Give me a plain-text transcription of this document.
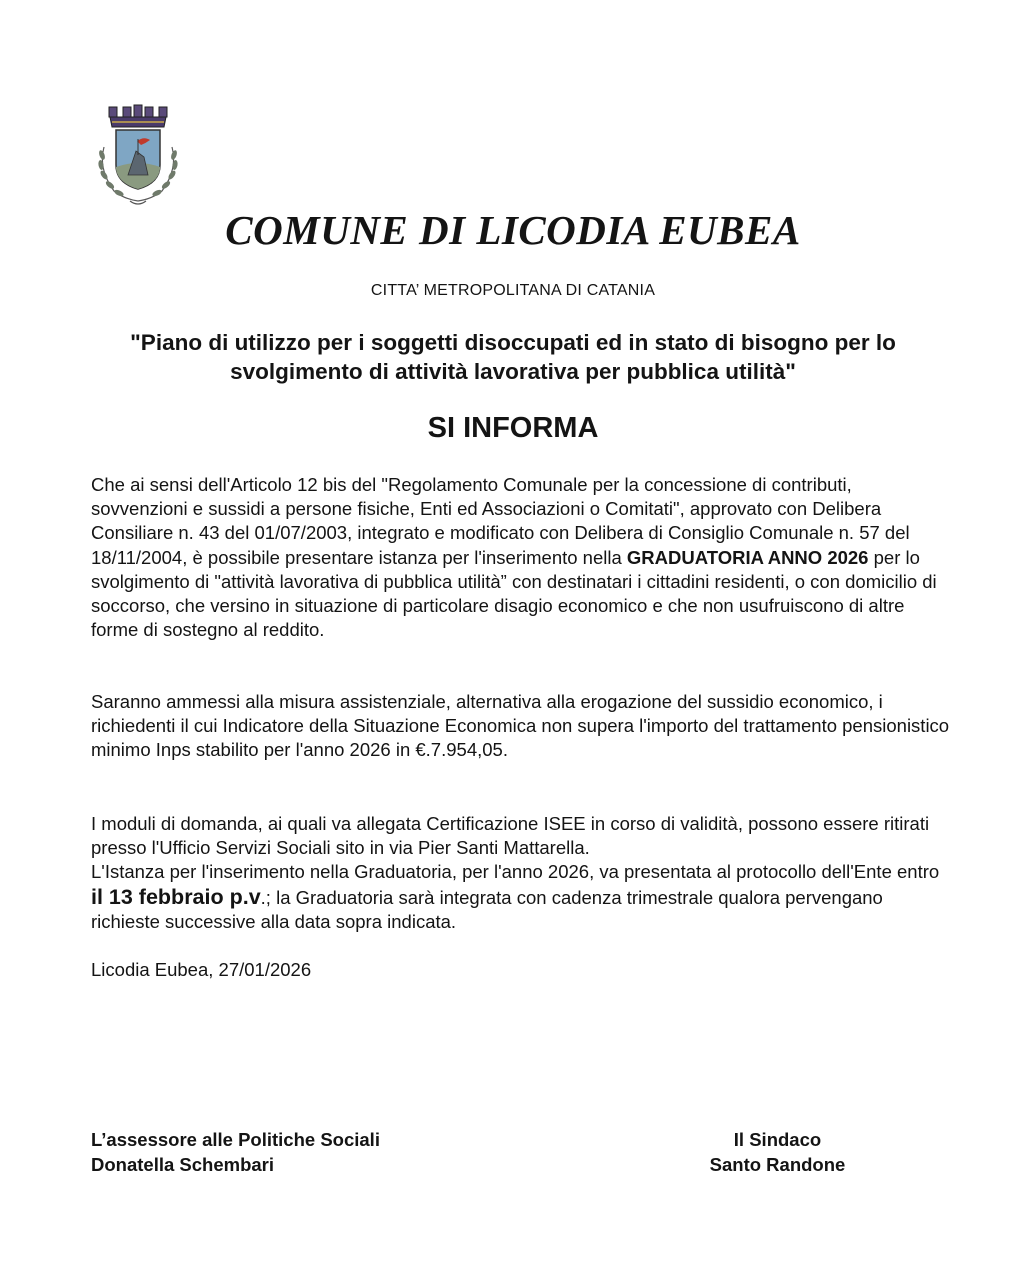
COMUNE DI LICODIA EUBEA

CITTA’ METROPOLITANA DI CATANIA

"Piano di utilizzo per i soggetti disoccupati ed in stato di bisogno per lo
svolgimento di attività lavorativa per pubblica utilità"

SI INFORMA

Che ai sensi dell'Articolo 12 bis del "Regolamento Comunale per la concessione di contributi, sovvenzioni e sussidi a persone fisiche, Enti ed Associazioni o Comitati", approvato con Delibera Consiliare n. 43 del 01/07/2003, integrato e modificato con Delibera di Consiglio Comunale n. 57 del 18/11/2004, è possibile presentare istanza per l'inserimento nella GRADUATORIA ANNO 2026 per lo svolgimento di "attività lavorativa di pubblica utilità” con destinatari i cittadini residenti, o con domicilio di soccorso, che versino in situazione di particolare disagio economico e che non usufruiscono di altre forme di sostegno al reddito.

Saranno ammessi alla misura assistenziale, alternativa alla erogazione del sussidio economico, i richiedenti il cui Indicatore della Situazione Economica non supera l'importo del trattamento pensionistico minimo Inps stabilito per l'anno 2026 in €.7.954,05.

I moduli di domanda, ai quali va allegata Certificazione ISEE in corso di validità, possono essere ritirati presso l'Ufficio Servizi Sociali sito in via Pier Santi Mattarella.
L'Istanza per l'inserimento nella Graduatoria, per l'anno 2026, va presentata al protocollo dell'Ente entro il 13 febbraio p.v.; la Graduatoria sarà integrata con cadenza trimestrale qualora pervengano richieste successive alla data sopra indicata.

Licodia Eubea, 27/01/2026

L’assessore alle Politiche Sociali
Donatella Schembari
Il Sindaco
Santo Randone
